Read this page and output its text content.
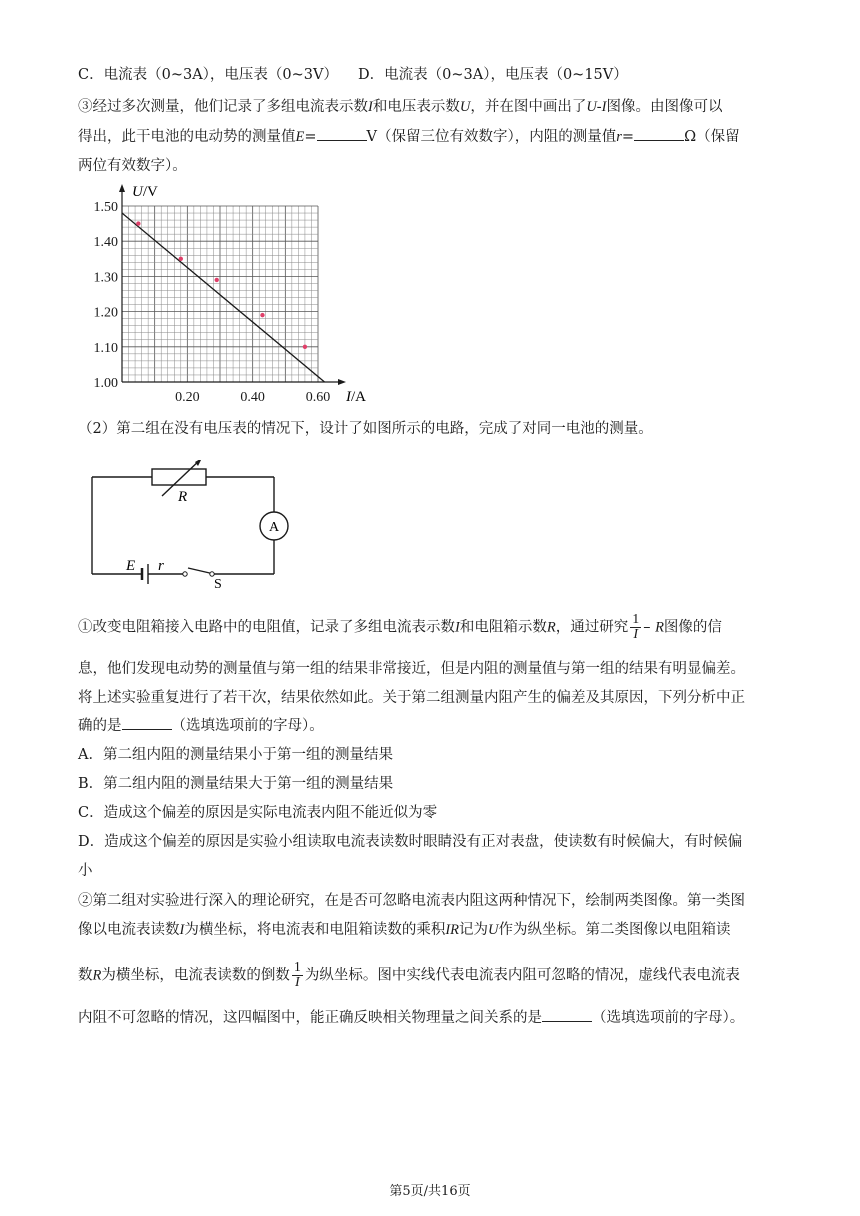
C．电流表（0~3A），电压表（0~3V） D．电流表（0~3A），电压表（0~15V）
③经过多次测量，他们记录了多组电流表示数I和电压表示数U，并在图中画出了U-I图像。由图像可以
得出，此干电池的电动势的测量值E=	V（保留三位有效数字），内阻的测量值r=	Ω（保留
两位有效数字）。
1.00
1.10
1.20
1.30
1.40
1.50
0.20	0.40	0.60
U/V
I/A
（2）第二组在没有电压表的情况下，设计了如图所示的电路，完成了对同一电池的测量。
R
A
E r
S
①改变电阻箱接入电路中的电阻值，记录了多组电流表示数I和电阻箱示数R，通过研究 $\frac{1}{I}$ – R图像的信
息，他们发现电动势的测量值与第一组的结果非常接近，但是内阻的测量值与第一组的结果有明显偏差。
将上述实验重复进行了若干次，结果依然如此。关于第二组测量内阻产生的偏差及其原因，下列分析中正
确的是	（选填选项前的字母）。
A．第二组内阻的测量结果小于第一组的测量结果
B．第二组内阻的测量结果大于第一组的测量结果
C．造成这个偏差的原因是实际电流表内阻不能近似为零
D．造成这个偏差的原因是实验小组读取电流表读数时眼睛没有正对表盘，使读数有时候偏大，有时候偏
小
②第二组对实验进行深入的理论研究，在是否可忽略电流表内阻这两种情况下，绘制两类图像。第一类图
像以电流表读数I为横坐标，将电流表和电阻箱读数的乘积IR记为U作为纵坐标。第二类图像以电阻箱读
数R为横坐标，电流表读数的倒数 $\frac{1}{I}$ 为纵坐标。图中实线代表电流表内阻可忽略的情况，虚线代表电流表
内阻不可忽略的情况，这四幅图中，能正确反映相关物理量之间关系的是	（选填选项前的字母）。
第5页/共16页
